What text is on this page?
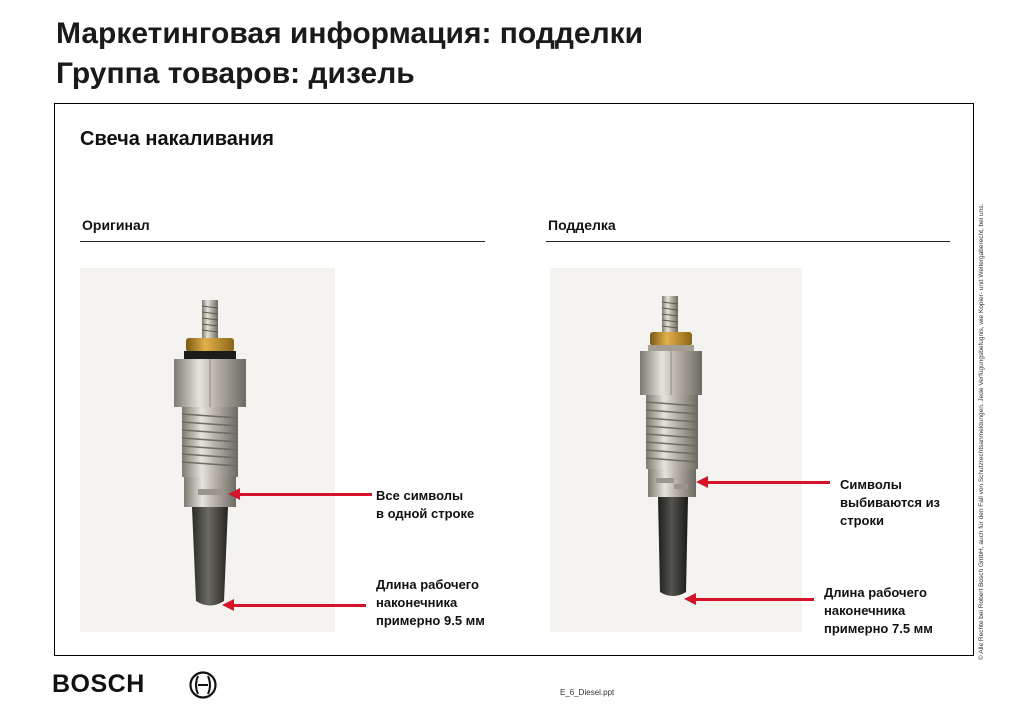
Маркетинговая информация: подделки
Группа товаров: дизель
Свеча накаливания
Оригинал
Все символы
в одной строке
Длина рабочего
наконечника
примерно 9.5 мм
Подделка
Символы
выбиваются из
строки
Длина рабочего
наконечника
примерно 7.5 мм	© Alle Rechte bei Robert Bosch GmbH, auch für den Fall von Schutzrechtsanmeldungen. Jede Verfügungsbefugnis, wie Kopier- und Weitergaberecht, bei uns.
BOSCH	E_6_Diesel.ppt
